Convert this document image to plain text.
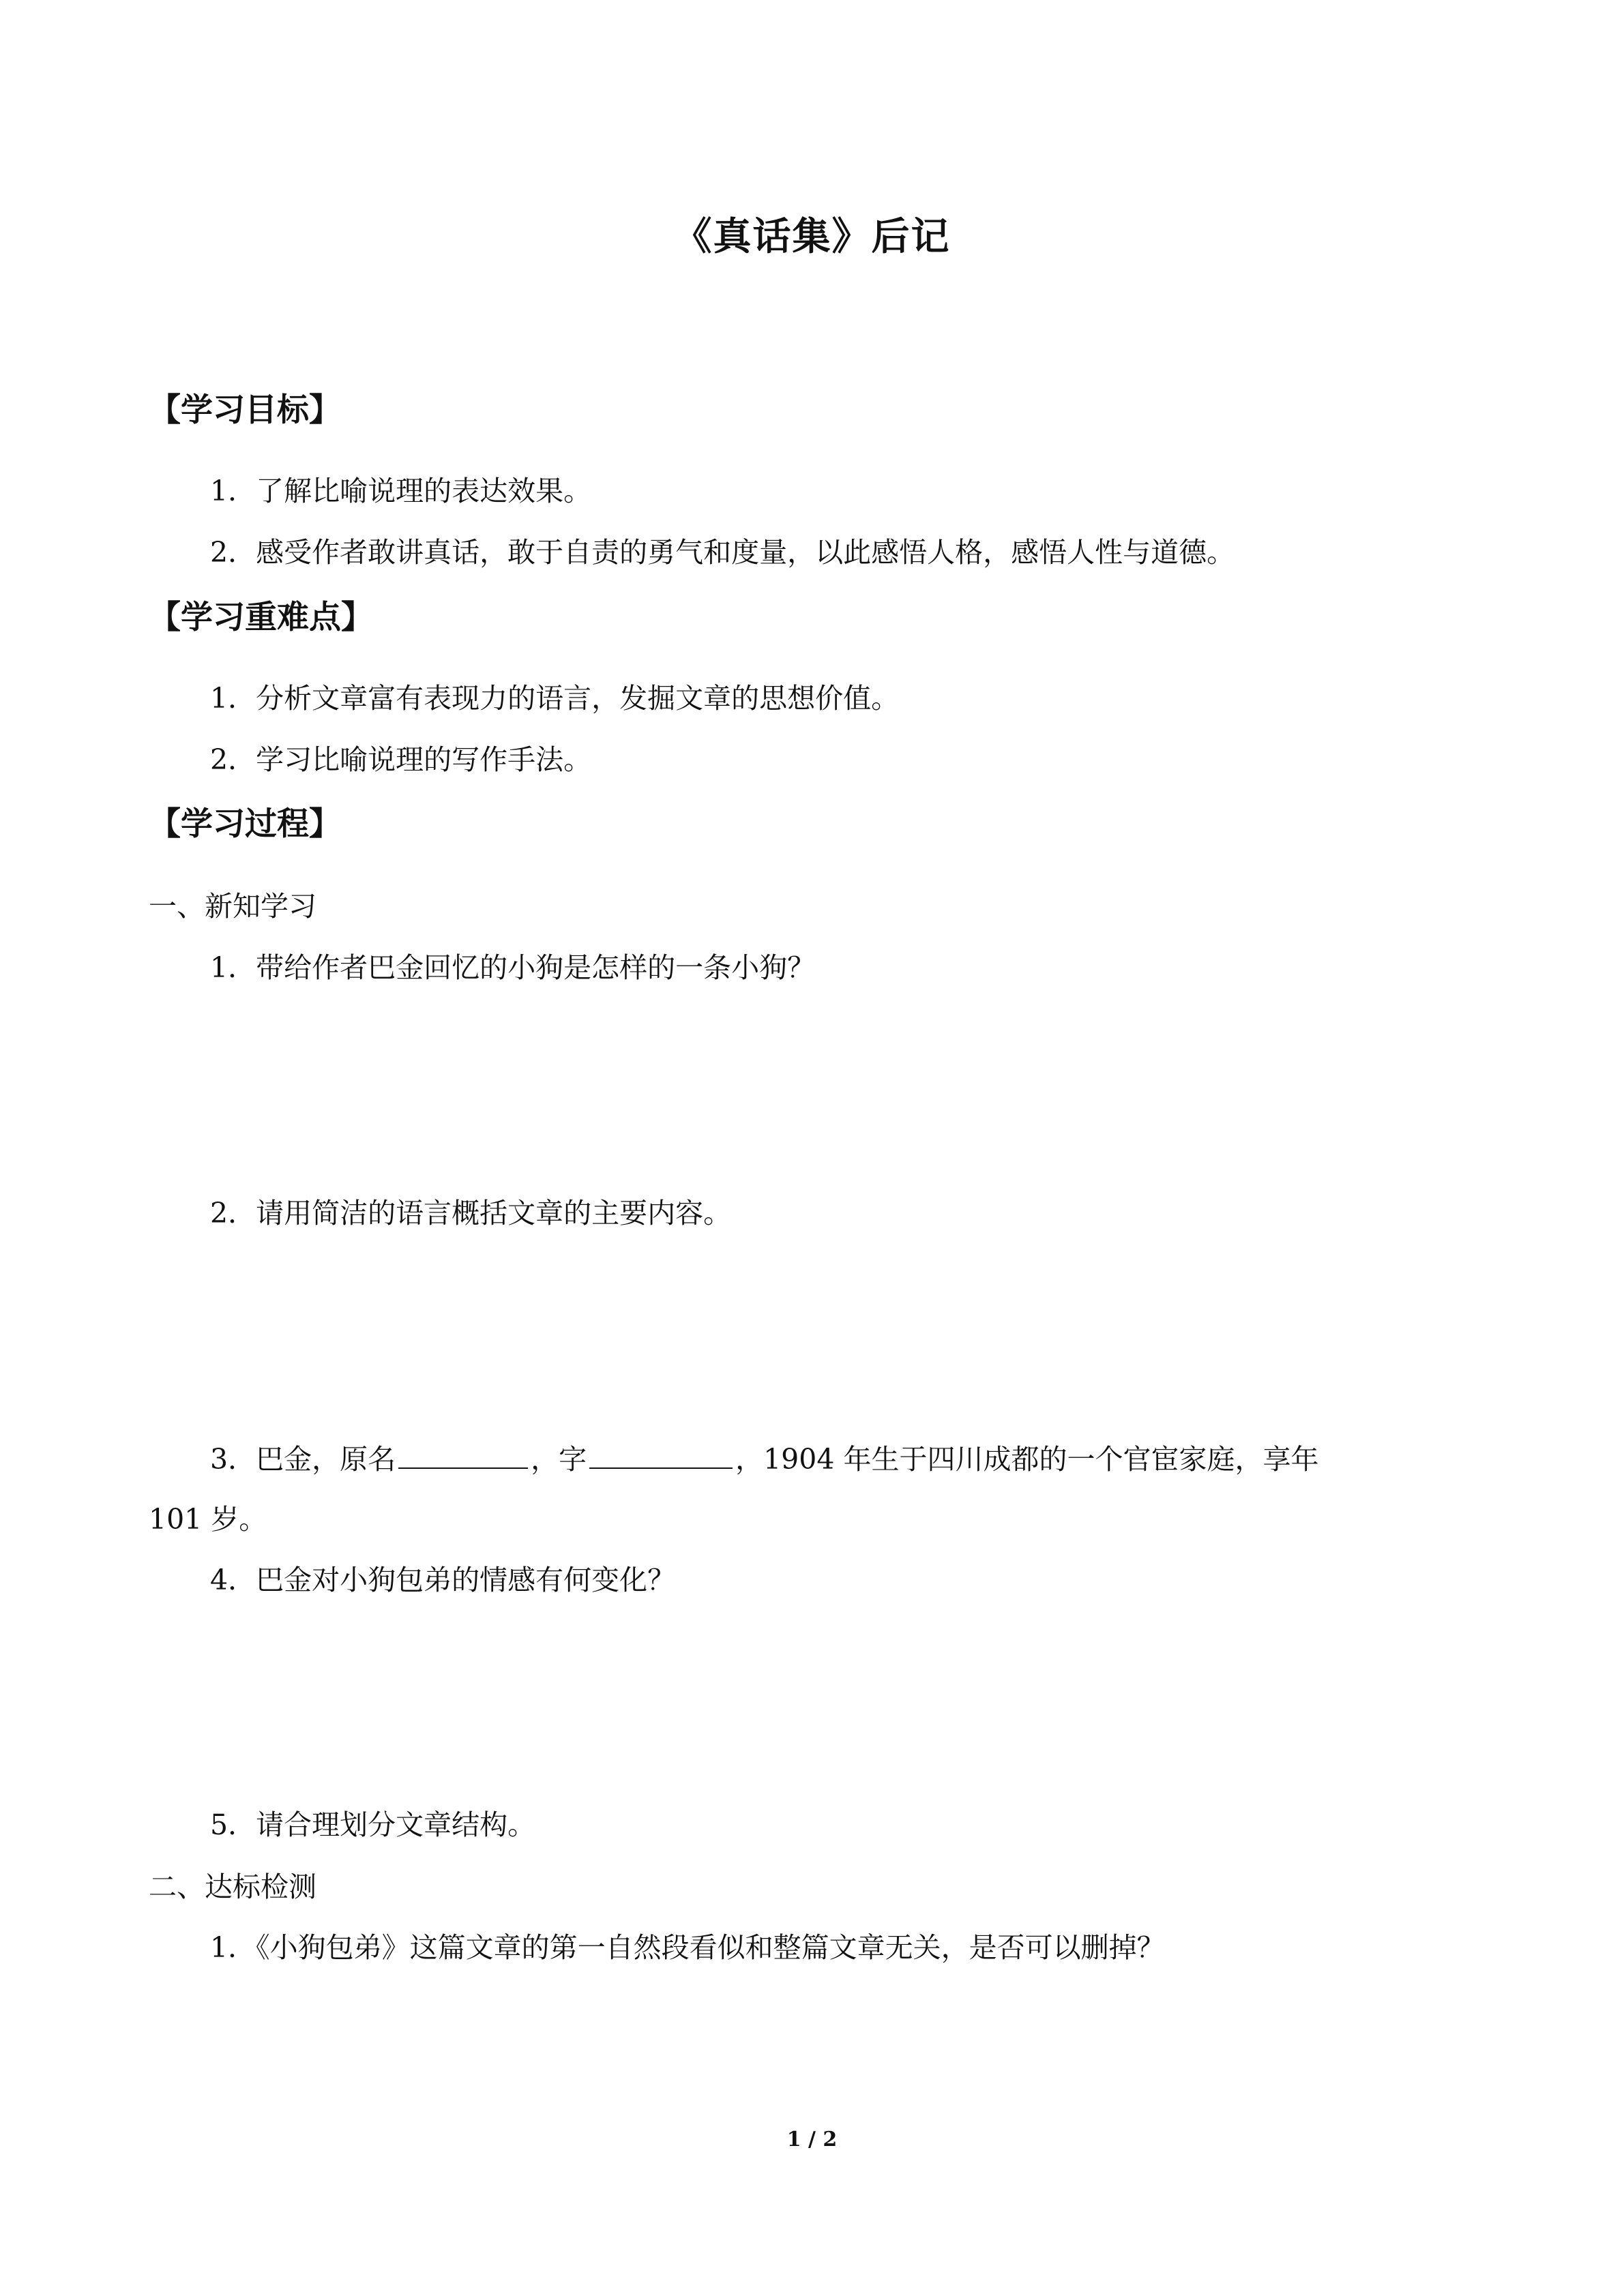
《真话集》后记
【学习目标】
1．了解比喻说理的表达效果。
2．感受作者敢讲真话，敢于自责的勇气和度量，以此感悟人格，感悟人性与道德。
【学习重难点】
1．分析文章富有表现力的语言，发掘文章的思想价值。
2．学习比喻说理的写作手法。
【学习过程】
一、新知学习
1．带给作者巴金回忆的小狗是怎样的一条小狗？
2．请用简洁的语言概括文章的主要内容。
3．巴金，原名	，字	，1904 年生于四川成都的一个官宦家庭，享年
101 岁。
4．巴金对小狗包弟的情感有何变化？
5．请合理划分文章结构。
二、达标检测
1．《小狗包弟》这篇文章的第一自然段看似和整篇文章无关，是否可以删掉？
1 / 2
